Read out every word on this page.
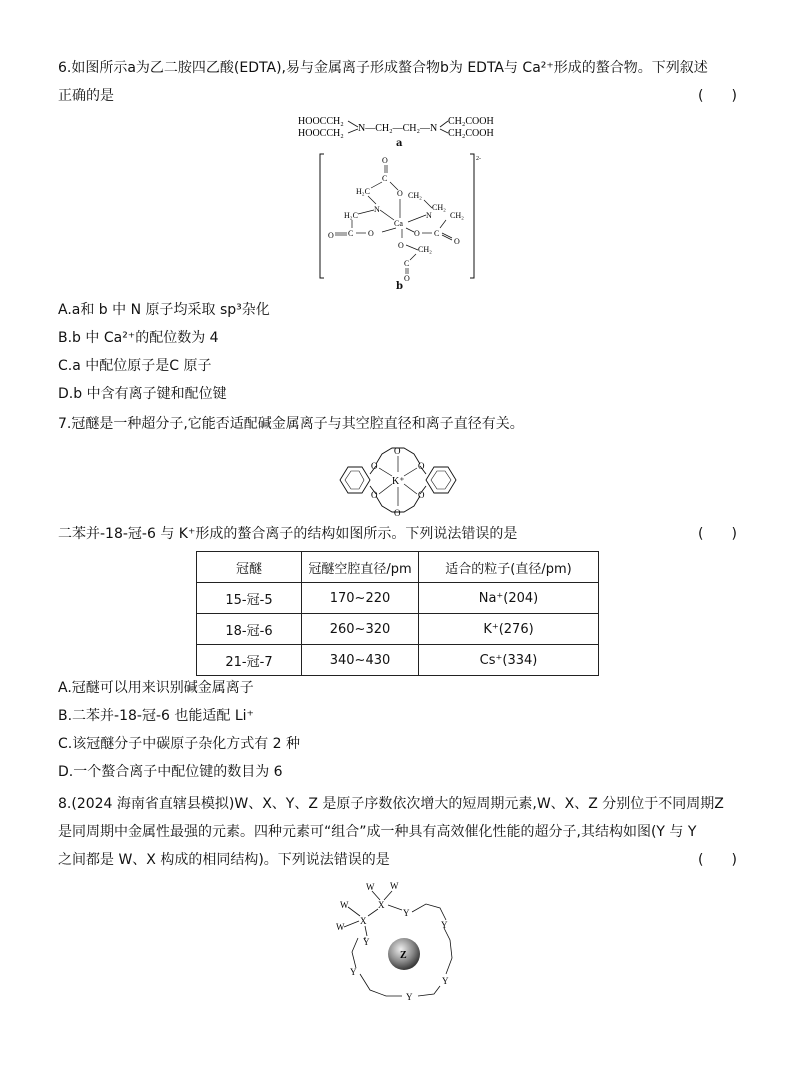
6.如图所示a为乙二胺四乙酸(EDTA),易与金属离子形成螯合物b为 EDTA与 Ca²⁺形成的螯合物。下列叙述
正确的是	(　　)
HOOCCH₂
HOOCCH₂ N—CH₂—CH₂—N
CH₂COOH
CH₂COOH
a
2-
O
C
H₂C	O CH₂
N
N
CH₂
Ca
H₂C
C
O	O	O C
CH₂
O
O CH₂
C
O
b
A.a和 b 中 N 原子均采取 sp³杂化
B.b 中 Ca²⁺的配位数为 4
C.a 中配位原子是C 原子
D.b 中含有离子键和配位键
7.冠醚是一种超分子,它能否适配碱金属离子与其空腔直径和离子直径有关。
O
O
O
O
O
O
K⁺
二苯并-18-冠-6 与 K⁺形成的螯合离子的结构如图所示。下列说法错误的是	(　　)
冠醚	冠醚空腔直径/pm	适合的粒子(直径/pm)
15-冠-5	170~220	Na⁺(204)
18-冠-6	260~320	K⁺(276)
21-冠-7	340~430	Cs⁺(334)
A.冠醚可以用来识别碱金属离子
B.二苯并-18-冠-6 也能适配 Li⁺
C.该冠醚分子中碳原子杂化方式有 2 种
D.一个螯合离子中配位键的数目为 6
8.(2024 海南省直辖县模拟)W、X、Y、Z 是原子序数依次增大的短周期元素,W、X、Z 分别位于不同周期Z
是同周期中金属性最强的元素。四种元素可“组合”成一种具有高效催化性能的超分子,其结构如图(Y 与 Y
之间都是 W、X 构成的相同结构)。下列说法错误的是	(　　)
W W
W
W
X
X
Y
Y
Y
Y
Y
Y
Z
